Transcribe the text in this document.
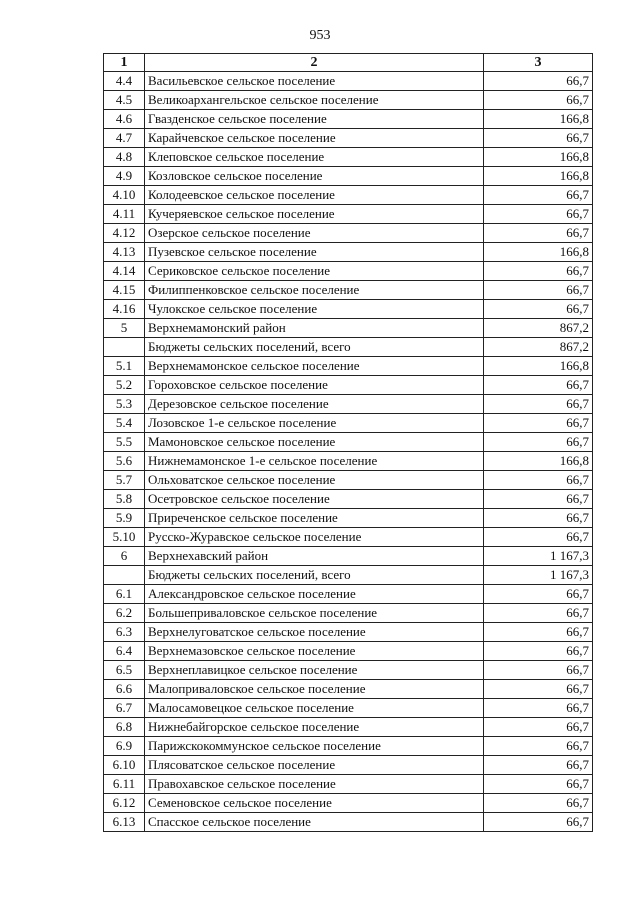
953
1	2	3
4.4	Васильевское сельское поселение	66,7
4.5	Великоархангельское сельское поселение	66,7
4.6	Гвазденское сельское поселение	166,8
4.7	Карайчевское сельское поселение	66,7
4.8	Клеповское сельское поселение	166,8
4.9	Козловское сельское поселение	166,8
4.10	Колодеевское сельское поселение	66,7
4.11	Кучеряевское сельское поселение	66,7
4.12	Озерское сельское поселение	66,7
4.13	Пузевское сельское поселение	166,8
4.14	Сериковское сельское поселение	66,7
4.15	Филиппенковское сельское поселение	66,7
4.16	Чулокское сельское поселение	66,7
5	Верхнемамонский район	867,2
	Бюджеты сельских поселений, всего	867,2
5.1	Верхнемамонское сельское поселение	166,8
5.2	Гороховское сельское поселение	66,7
5.3	Дерезовское сельское поселение	66,7
5.4	Лозовское 1-е сельское поселение	66,7
5.5	Мамоновское сельское поселение	66,7
5.6	Нижнемамонское 1-е сельское поселение	166,8
5.7	Ольховатское сельское поселение	66,7
5.8	Осетровское сельское поселение	66,7
5.9	Приреченское сельское поселение	66,7
5.10	Русско-Журавское сельское поселение	66,7
6	Верхнехавский район	1 167,3
	Бюджеты сельских поселений, всего	1 167,3
6.1	Александровское сельское поселение	66,7
6.2	Большеприваловское сельское поселение	66,7
6.3	Верхнелуговатское сельское поселение	66,7
6.4	Верхнемазовское сельское поселение	66,7
6.5	Верхнеплавицкое сельское поселение	66,7
6.6	Малоприваловское сельское поселение	66,7
6.7	Малосамовецкое сельское поселение	66,7
6.8	Нижнебайгорское сельское поселение	66,7
6.9	Парижскокоммунское сельское поселение	66,7
6.10	Плясоватское сельское поселение	66,7
6.11	Правохавское сельское поселение	66,7
6.12	Семеновское сельское поселение	66,7
6.13	Спасское сельское поселение	66,7
